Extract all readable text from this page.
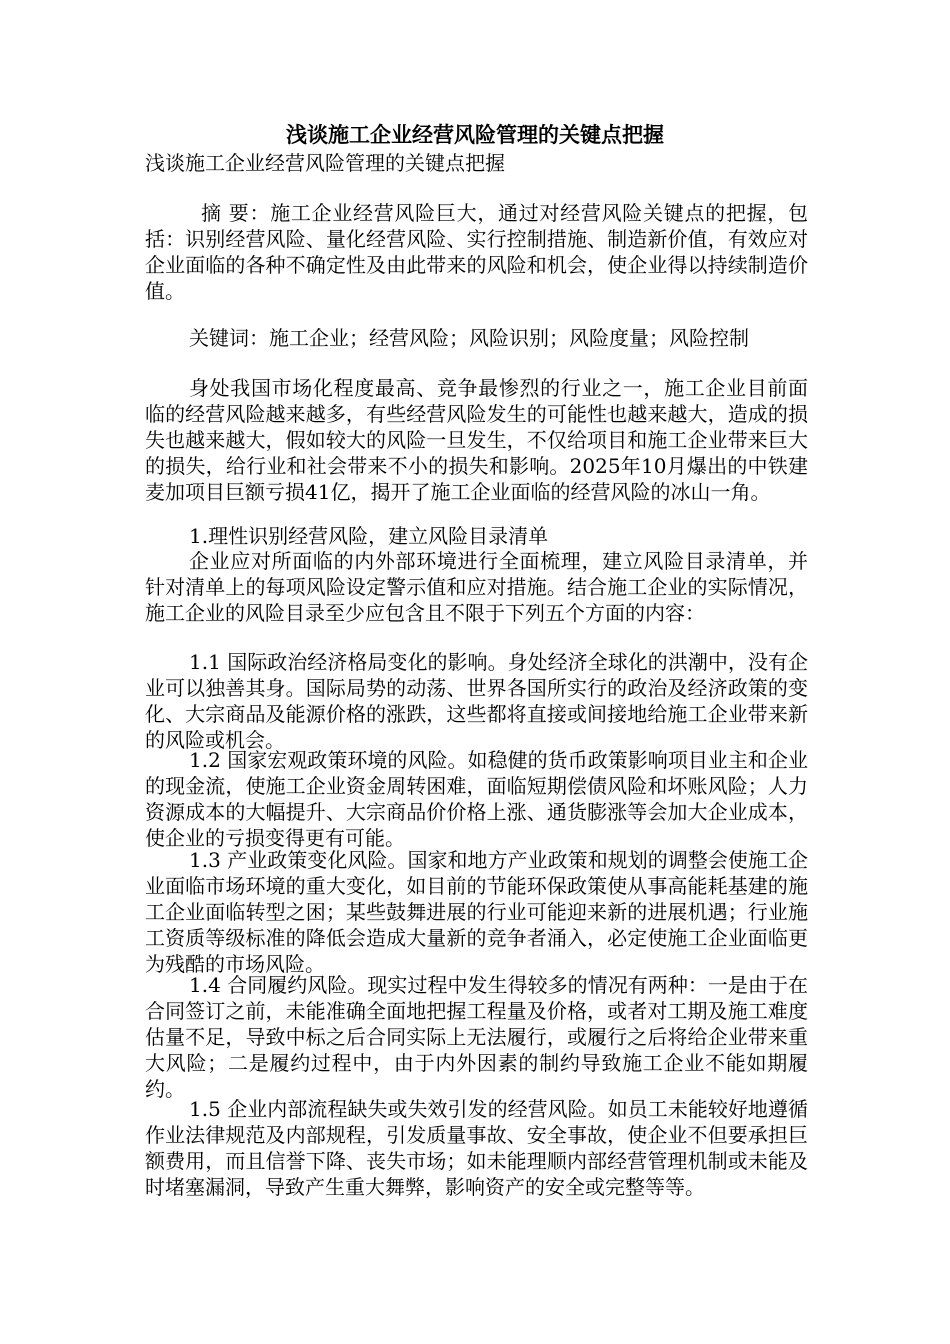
浅谈施工企业经营风险管理的关键点把握

浅谈施工企业经营风险管理的关键点把握

摘 要：施工企业经营风险巨大，通过对经营风险关键点的把握，包括：识别经营风险、量化经营风险、实行控制措施、制造新价值，有效应对企业面临的各种不确定性及由此带来的风险和机会，使企业得以持续制造价值。

关键词：施工企业；经营风险；风险识别；风险度量；风险控制

身处我国市场化程度最高、竞争最惨烈的行业之一，施工企业目前面临的经营风险越来越多，有些经营风险发生的可能性也越来越大，造成的损失也越来越大，假如较大的风险一旦发生，不仅给项目和施工企业带来巨大的损失，给行业和社会带来不小的损失和影响。2025年10月爆出的中铁建麦加项目巨额亏损41亿，揭开了施工企业面临的经营风险的冰山一角。

1.理性识别经营风险，建立风险目录清单

企业应对所面临的内外部环境进行全面梳理，建立风险目录清单，并针对清单上的每项风险设定警示值和应对措施。结合施工企业的实际情况，施工企业的风险目录至少应包含且不限于下列五个方面的内容：

1.1 国际政治经济格局变化的影响。身处经济全球化的洪潮中，没有企业可以独善其身。国际局势的动荡、世界各国所实行的政治及经济政策的变化、大宗商品及能源价格的涨跌，这些都将直接或间接地给施工企业带来新的风险或机会。

1.2 国家宏观政策环境的风险。如稳健的货币政策影响项目业主和企业的现金流，使施工企业资金周转困难，面临短期偿债风险和坏账风险；人力资源成本的大幅提升、大宗商品价价格上涨、通货膨涨等会加大企业成本，使企业的亏损变得更有可能。

1.3 产业政策变化风险。国家和地方产业政策和规划的调整会使施工企业面临市场环境的重大变化，如目前的节能环保政策使从事高能耗基建的施工企业面临转型之困；某些鼓舞进展的行业可能迎来新的进展机遇；行业施工资质等级标准的降低会造成大量新的竞争者涌入，必定使施工企业面临更为残酷的市场风险。

1.4 合同履约风险。现实过程中发生得较多的情况有两种：一是由于在合同签订之前，未能准确全面地把握工程量及价格，或者对工期及施工难度估量不足，导致中标之后合同实际上无法履行，或履行之后将给企业带来重大风险；二是履约过程中，由于内外因素的制约导致施工企业不能如期履约。

1.5 企业内部流程缺失或失效引发的经营风险。如员工未能较好地遵循作业法律规范及内部规程，引发质量事故、安全事故，使企业不但要承担巨额费用，而且信誉下降、丧失市场；如未能理顺内部经营管理机制或未能及时堵塞漏洞，导致产生重大舞弊，影响资产的安全或完整等等。
